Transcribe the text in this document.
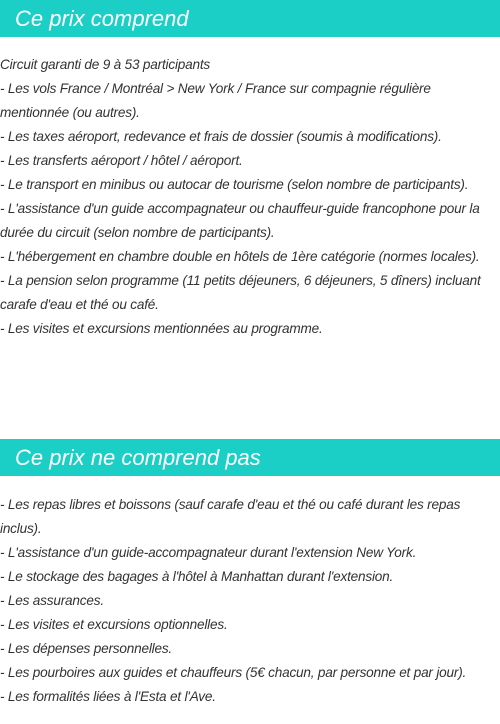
Ce prix comprend
Circuit garanti de 9 à 53 participants
- Les vols France / Montréal > New York / France sur compagnie régulière mentionnée (ou autres).
- Les taxes aéroport, redevance et frais de dossier (soumis à modifications).
- Les transferts aéroport / hôtel / aéroport.
- Le transport en minibus ou autocar de tourisme (selon nombre de participants).
- L'assistance d'un guide accompagnateur ou chauffeur-guide francophone pour la durée du circuit (selon nombre de participants).
- L'hébergement en chambre double en hôtels de 1ère catégorie (normes locales).
- La pension selon programme (11 petits déjeuners, 6 déjeuners, 5 dîners) incluant carafe d'eau et thé ou café.
- Les visites et excursions mentionnées au programme.
Ce prix ne comprend pas
- Les repas libres et boissons (sauf carafe d'eau et thé ou café durant les repas inclus).
- L'assistance d'un guide-accompagnateur durant l'extension New York.
- Le stockage des bagages à l'hôtel à Manhattan durant l'extension.
- Les assurances.
- Les visites et excursions optionnelles.
- Les dépenses personnelles.
- Les pourboires aux guides et chauffeurs (5€ chacun, par personne et par jour).
- Les formalités liées à l'Esta et l'Ave.
